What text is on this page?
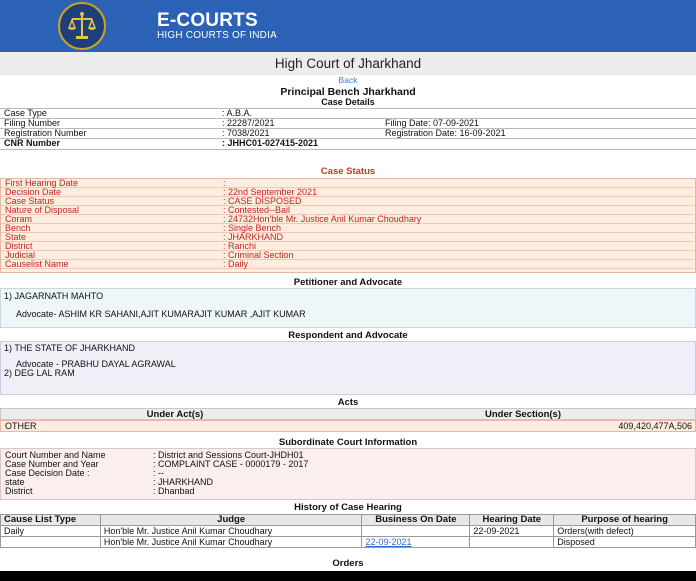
E-COURTS
HIGH COURTS OF INDIA
High Court of Jharkhand
Back
Principal Bench Jharkhand
Case Details
Case Type	: A.B.A.
Filing Number	: 22287/2021	Filing Date: 07-09-2021
Registration Number	: 7038/2021	Registration Date: 16-09-2021
CNR Number	: JHHC01-027415-2021
Case Status
First Hearing Date	:
Decision Date	: 22nd September 2021
Case Status	: CASE DISPOSED
Nature of Disposal	: Contested--Bail
Coram	: 24732Hon'ble Mr. Justice Anil Kumar Choudhary
Bench	: Single Bench
State	: JHARKHAND
District	: Ranchi
Judicial	: Criminal Section
Causelist Name	: Daily
Petitioner and Advocate
1) JAGARNATH MAHTO
Advocate- ASHIM KR SAHANI,AJIT KUMARAJIT KUMAR ,AJIT KUMAR
Respondent and Advocate
1) THE STATE OF JHARKHAND
Advocate - PRABHU DAYAL AGRAWAL
2) DEG LAL RAM
Acts
Under Act(s)	Under Section(s)
OTHER	409,420,477A,506
Subordinate Court Information
Court Number and Name	: District and Sessions Court-JHDH01
Case Number and Year	: COMPLAINT CASE - 0000179 - 2017
Case Decision Date :	: --
state	: JHARKHAND
District	: Dhanbad
History of Case Hearing
Cause List Type	Judge	Business On Date	Hearing Date	Purpose of hearing
Daily	Hon'ble Mr. Justice Anil Kumar Choudhary		22-09-2021	Orders(with defect)
	Hon'ble Mr. Justice Anil Kumar Choudhary	22-09-2021		Disposed
Orders
